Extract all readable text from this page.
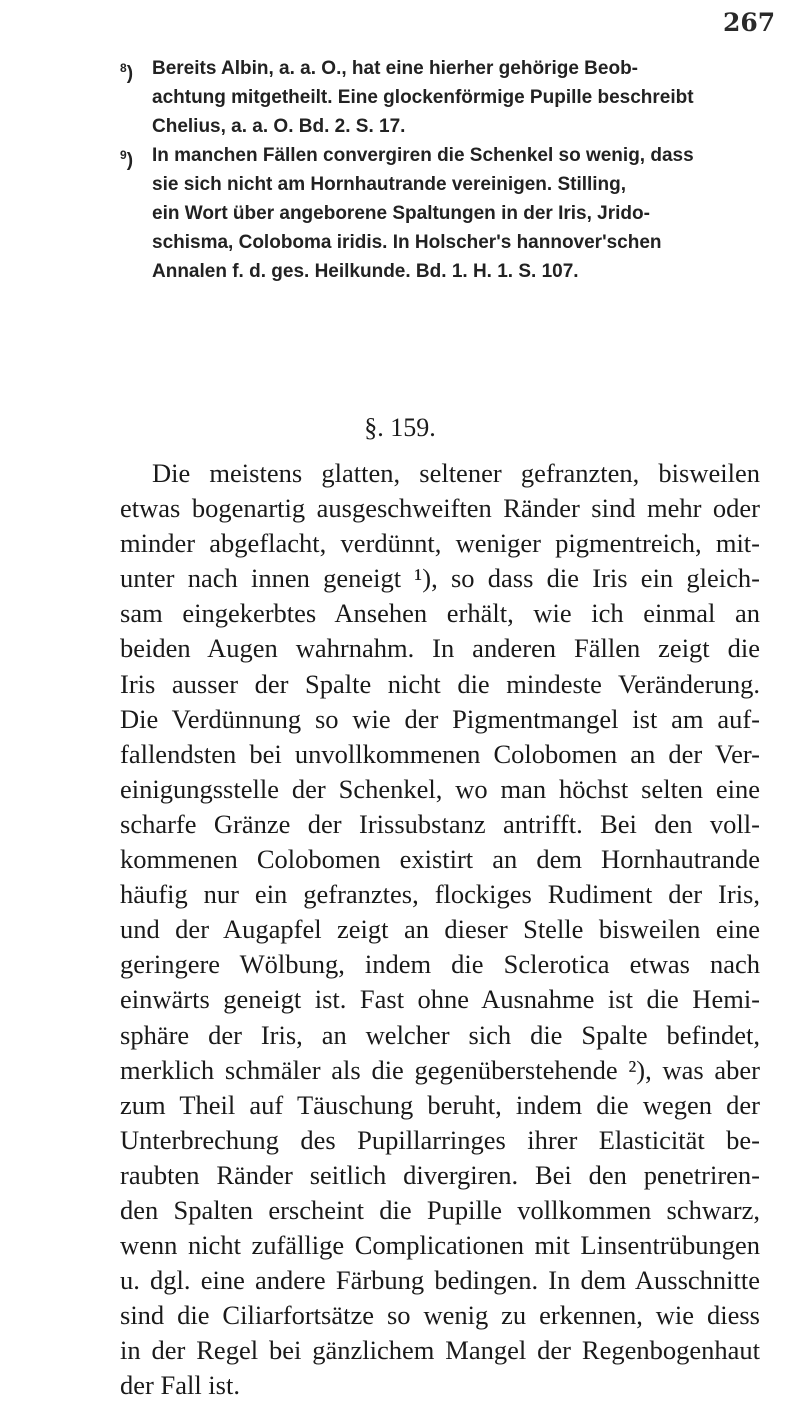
267
$^8$) Bereits Albin, a. a. O., hat eine hierher gehörige Beob-
achtung mitgetheilt. Eine glockenförmige Pupille beschreibt
Chelius, a. a. O. Bd. 2. S. 17.
$^9$) In manchen Fällen convergiren die Schenkel so wenig, dass
sie sich nicht am Hornhautrande vereinigen. Stilling,
ein Wort über angeborene Spaltungen in der Iris, Jrido-
schisma, Coloboma iridis. In Holscher's hannover'schen
Annalen f. d. ges. Heilkunde. Bd. 1. H. 1. S. 107.
§. 159.
Die meistens glatten, seltener gefranzten, bisweilen
etwas bogenartig ausgeschweiften Ränder sind mehr oder
minder abgeflacht, verdünnt, weniger pigmentreich, mit-
unter nach innen geneigt ¹), so dass die Iris ein gleich-
sam eingekerbtes Ansehen erhält, wie ich einmal an
beiden Augen wahrnahm. In anderen Fällen zeigt die
Iris ausser der Spalte nicht die mindeste Veränderung.
Die Verdünnung so wie der Pigmentmangel ist am auf-
fallendsten bei unvollkommenen Colobomen an der Ver-
einigungsstelle der Schenkel, wo man höchst selten eine
scharfe Gränze der Irissubstanz antrifft. Bei den voll-
kommenen Colobomen existirt an dem Hornhautrande
häufig nur ein gefranztes, flockiges Rudiment der Iris,
und der Augapfel zeigt an dieser Stelle bisweilen eine
geringere Wölbung, indem die Sclerotica etwas nach
einwärts geneigt ist. Fast ohne Ausnahme ist die Hemi-
sphäre der Iris, an welcher sich die Spalte befindet,
merklich schmäler als die gegenüberstehende ²), was aber
zum Theil auf Täuschung beruht, indem die wegen der
Unterbrechung des Pupillarringes ihrer Elasticität be-
raubten Ränder seitlich divergiren. Bei den penetriren-
den Spalten erscheint die Pupille vollkommen schwarz,
wenn nicht zufällige Complicationen mit Linsentrübungen
u. dgl. eine andere Färbung bedingen. In dem Ausschnitte
sind die Ciliarfortsätze so wenig zu erkennen, wie diess
in der Regel bei gänzlichem Mangel der Regenbogenhaut
der Fall ist.
